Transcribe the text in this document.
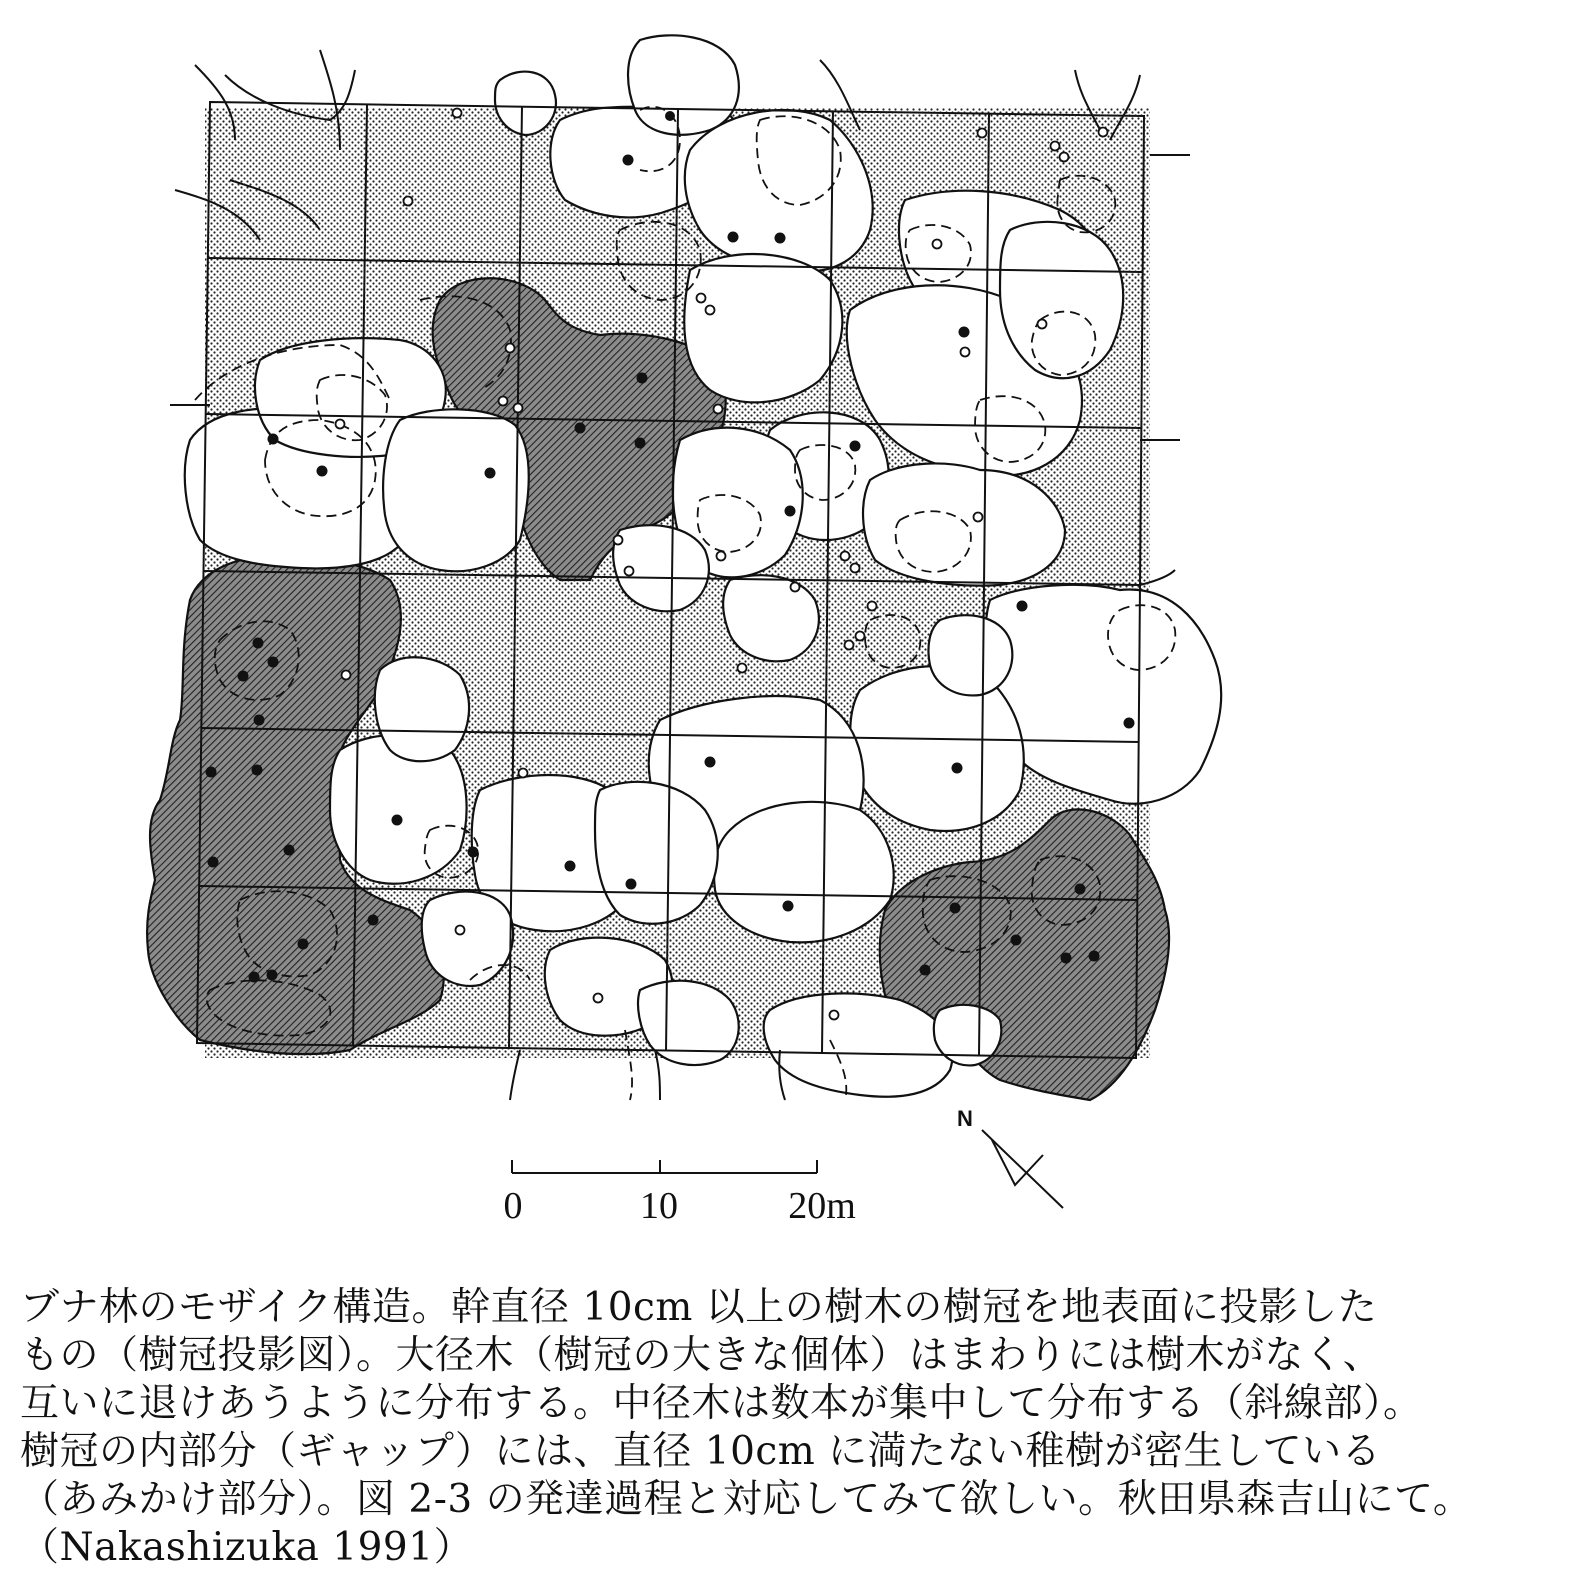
0	10	20m
N
ブナ林のモザイク構造。幹直径 10cm 以上の樹木の樹冠を地表面に投影した
もの（樹冠投影図）。大径木（樹冠の大きな個体）はまわりには樹木がなく、
互いに退けあうように分布する。中径木は数本が集中して分布する（斜線部）。
樹冠の内部分（ギャップ）には、直径 10cm に満たない稚樹が密生している
（あみかけ部分）。図 2-3 の発達過程と対応してみて欲しい。秋田県森吉山にて。
（Nakashizuka 1991）
